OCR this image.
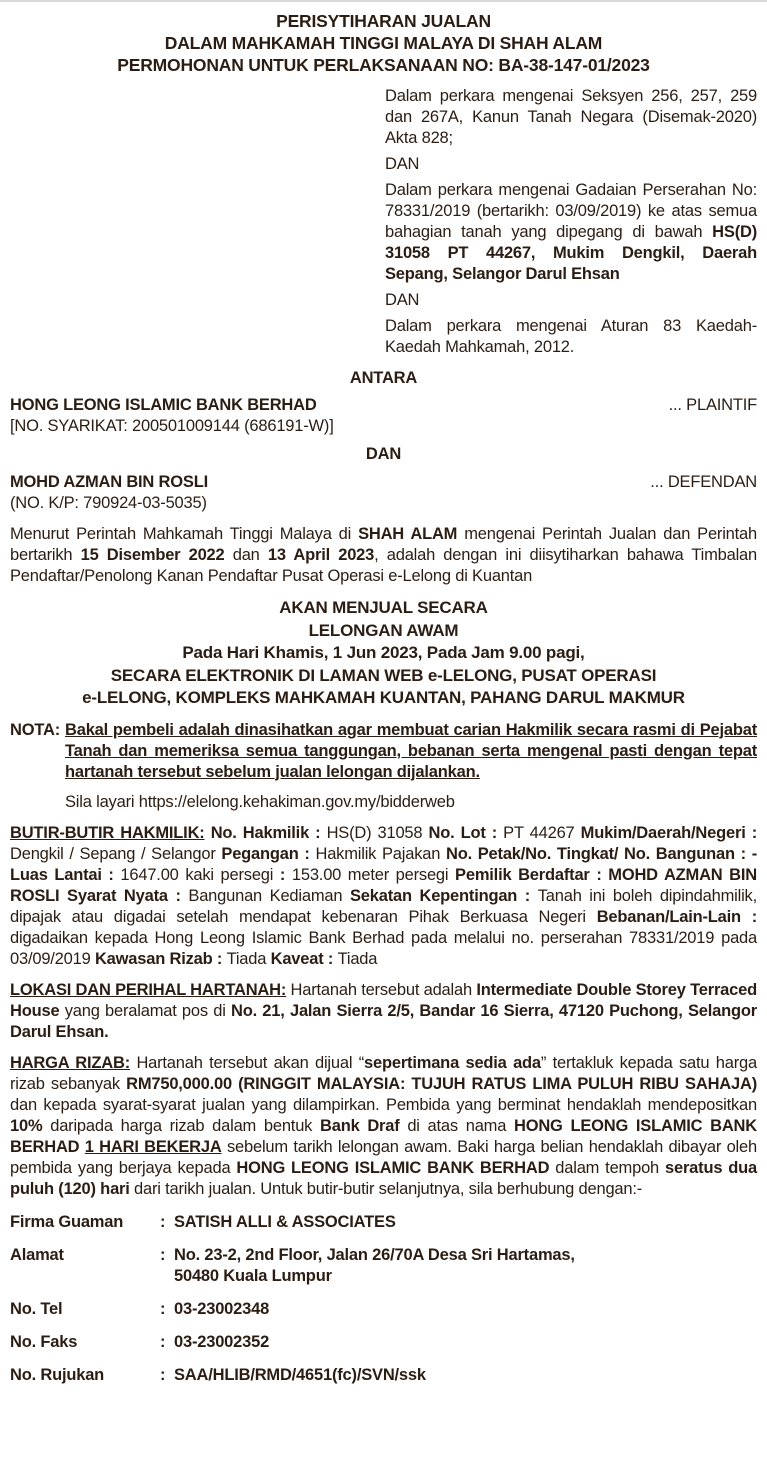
PERISYTIHARAN JUALAN
DALAM MAHKAMAH TINGGI MALAYA DI SHAH ALAM
PERMOHONAN UNTUK PERLAKSANAAN NO: BA-38-147-01/2023
Dalam perkara mengenai Seksyen 256, 257, 259 dan 267A, Kanun Tanah Negara (Disemak-2020) Akta 828;
DAN
Dalam perkara mengenai Gadaian Perserahan No: 78331/2019 (bertarikh: 03/09/2019) ke atas semua bahagian tanah yang dipegang di bawah HS(D) 31058 PT 44267, Mukim Dengkil, Daerah Sepang, Selangor Darul Ehsan
DAN
Dalam perkara mengenai Aturan 83 Kaedah-Kaedah Mahkamah, 2012.
ANTARA
HONG LEONG ISLAMIC BANK BERHAD	... PLAINTIF
[NO. SYARIKAT: 200501009144 (686191-W)]
DAN
MOHD AZMAN BIN ROSLI	... DEFENDAN
(NO. K/P: 790924-03-5035)
Menurut Perintah Mahkamah Tinggi Malaya di SHAH ALAM mengenai Perintah Jualan dan Perintah bertarikh 15 Disember 2022 dan 13 April 2023, adalah dengan ini diisytiharkan bahawa Timbalan Pendaftar/Penolong Kanan Pendaftar Pusat Operasi e-Lelong di Kuantan
AKAN MENJUAL SECARA
LELONGAN AWAM
Pada Hari Khamis, 1 Jun 2023, Pada Jam 9.00 pagi,
SECARA ELEKTRONIK DI LAMAN WEB e-LELONG, PUSAT OPERASI
e-LELONG, KOMPLEKS MAHKAMAH KUANTAN, PAHANG DARUL MAKMUR
NOTA: Bakal pembeli adalah dinasihatkan agar membuat carian Hakmilik secara rasmi di Pejabat Tanah dan memeriksa semua tanggungan, bebanan serta mengenal pasti dengan tepat hartanah tersebut sebelum jualan lelongan dijalankan.
Sila layari https://elelong.kehakiman.gov.my/bidderweb
BUTIR-BUTIR HAKMILIK: No. Hakmilik : HS(D) 31058 No. Lot : PT 44267 Mukim/Daerah/Negeri : Dengkil / Sepang / Selangor Pegangan : Hakmilik Pajakan No. Petak/No. Tingkat/ No. Bangunan : - Luas Lantai : 1647.00 kaki persegi : 153.00 meter persegi Pemilik Berdaftar : MOHD AZMAN BIN ROSLI Syarat Nyata : Bangunan Kediaman Sekatan Kepentingan : Tanah ini boleh dipindahmilik, dipajak atau digadai setelah mendapat kebenaran Pihak Berkuasa Negeri Bebanan/Lain-Lain : digadaikan kepada Hong Leong Islamic Bank Berhad pada melalui no. perserahan 78331/2019 pada 03/09/2019 Kawasan Rizab : Tiada Kaveat : Tiada
LOKASI DAN PERIHAL HARTANAH: Hartanah tersebut adalah Intermediate Double Storey Terraced House yang beralamat pos di No. 21, Jalan Sierra 2/5, Bandar 16 Sierra, 47120 Puchong, Selangor Darul Ehsan.
HARGA RIZAB: Hartanah tersebut akan dijual “sepertimana sedia ada” tertakluk kepada satu harga rizab sebanyak RM750,000.00 (RINGGIT MALAYSIA: TUJUH RATUS LIMA PULUH RIBU SAHAJA) dan kepada syarat-syarat jualan yang dilampirkan. Pembida yang berminat hendaklah mendepositkan 10% daripada harga rizab dalam bentuk Bank Draf di atas nama HONG LEONG ISLAMIC BANK BERHAD 1 HARI BEKERJA sebelum tarikh lelongan awam. Baki harga belian hendaklah dibayar oleh pembida yang berjaya kepada HONG LEONG ISLAMIC BANK BERHAD dalam tempoh seratus dua puluh (120) hari dari tarikh jualan. Untuk butir-butir selanjutnya, sila berhubung dengan:-
Firma Guaman	: SATISH ALLI & ASSOCIATES
Alamat	: No. 23-2, 2nd Floor, Jalan 26/70A Desa Sri Hartamas,
50480 Kuala Lumpur
No. Tel	: 03-23002348
No. Faks	: 03-23002352
No. Rujukan	: SAA/HLIB/RMD/4651(fc)/SVN/ssk
